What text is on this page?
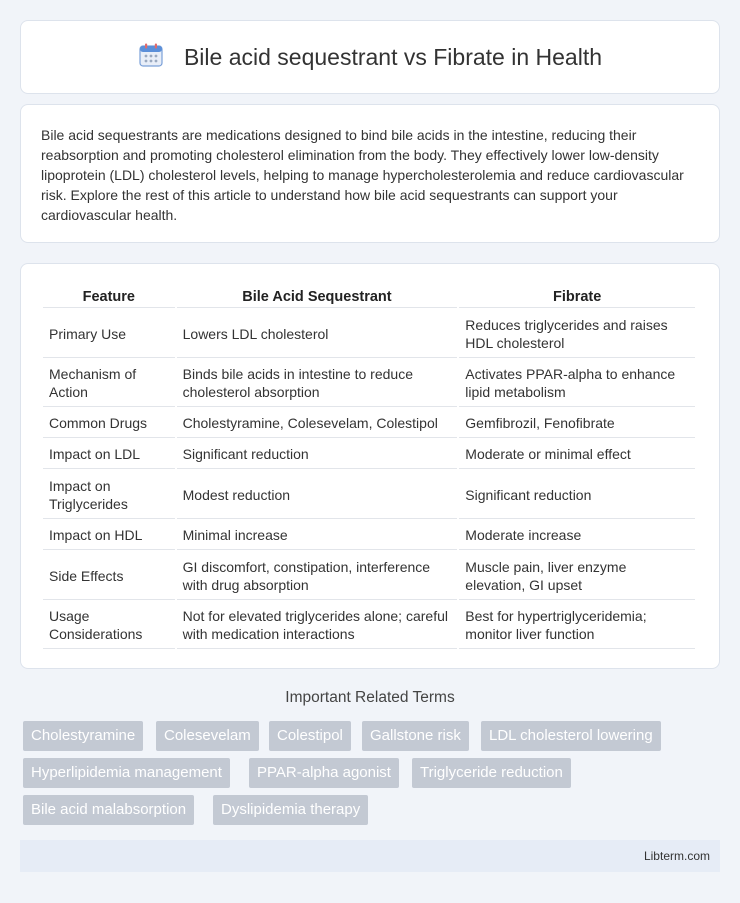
Bile acid sequestrant vs Fibrate in Health

Bile acid sequestrants are medications designed to bind bile acids in the intestine, reducing their reabsorption and promoting cholesterol elimination from the body. They effectively lower low-density lipoprotein (LDL) cholesterol levels, helping to manage hypercholesterolemia and reduce cardiovascular risk. Explore the rest of this article to understand how bile acid sequestrants can support your cardiovascular health.

Feature	Bile Acid Sequestrant	Fibrate
Primary Use	Lowers LDL cholesterol	Reduces triglycerides and raises HDL cholesterol
Mechanism of Action	Binds bile acids in intestine to reduce cholesterol absorption	Activates PPAR-alpha to enhance lipid metabolism
Common Drugs	Cholestyramine, Colesevelam, Colestipol	Gemfibrozil, Fenofibrate
Impact on LDL	Significant reduction	Moderate or minimal effect
Impact on Triglycerides	Modest reduction	Significant reduction
Impact on HDL	Minimal increase	Moderate increase
Side Effects	GI discomfort, constipation, interference with drug absorption	Muscle pain, liver enzyme elevation, GI upset
Usage Considerations	Not for elevated triglycerides alone; careful with medication interactions	Best for hypertriglyceridemia; monitor liver function
Important Related Terms
Cholestyramine	Colesevelam	Colestipol	Gallstone risk	LDL cholesterol lowering
Hyperlipidemia management	PPAR-alpha agonist	Triglyceride reduction
Bile acid malabsorption	Dyslipidemia therapy
Libterm.com
